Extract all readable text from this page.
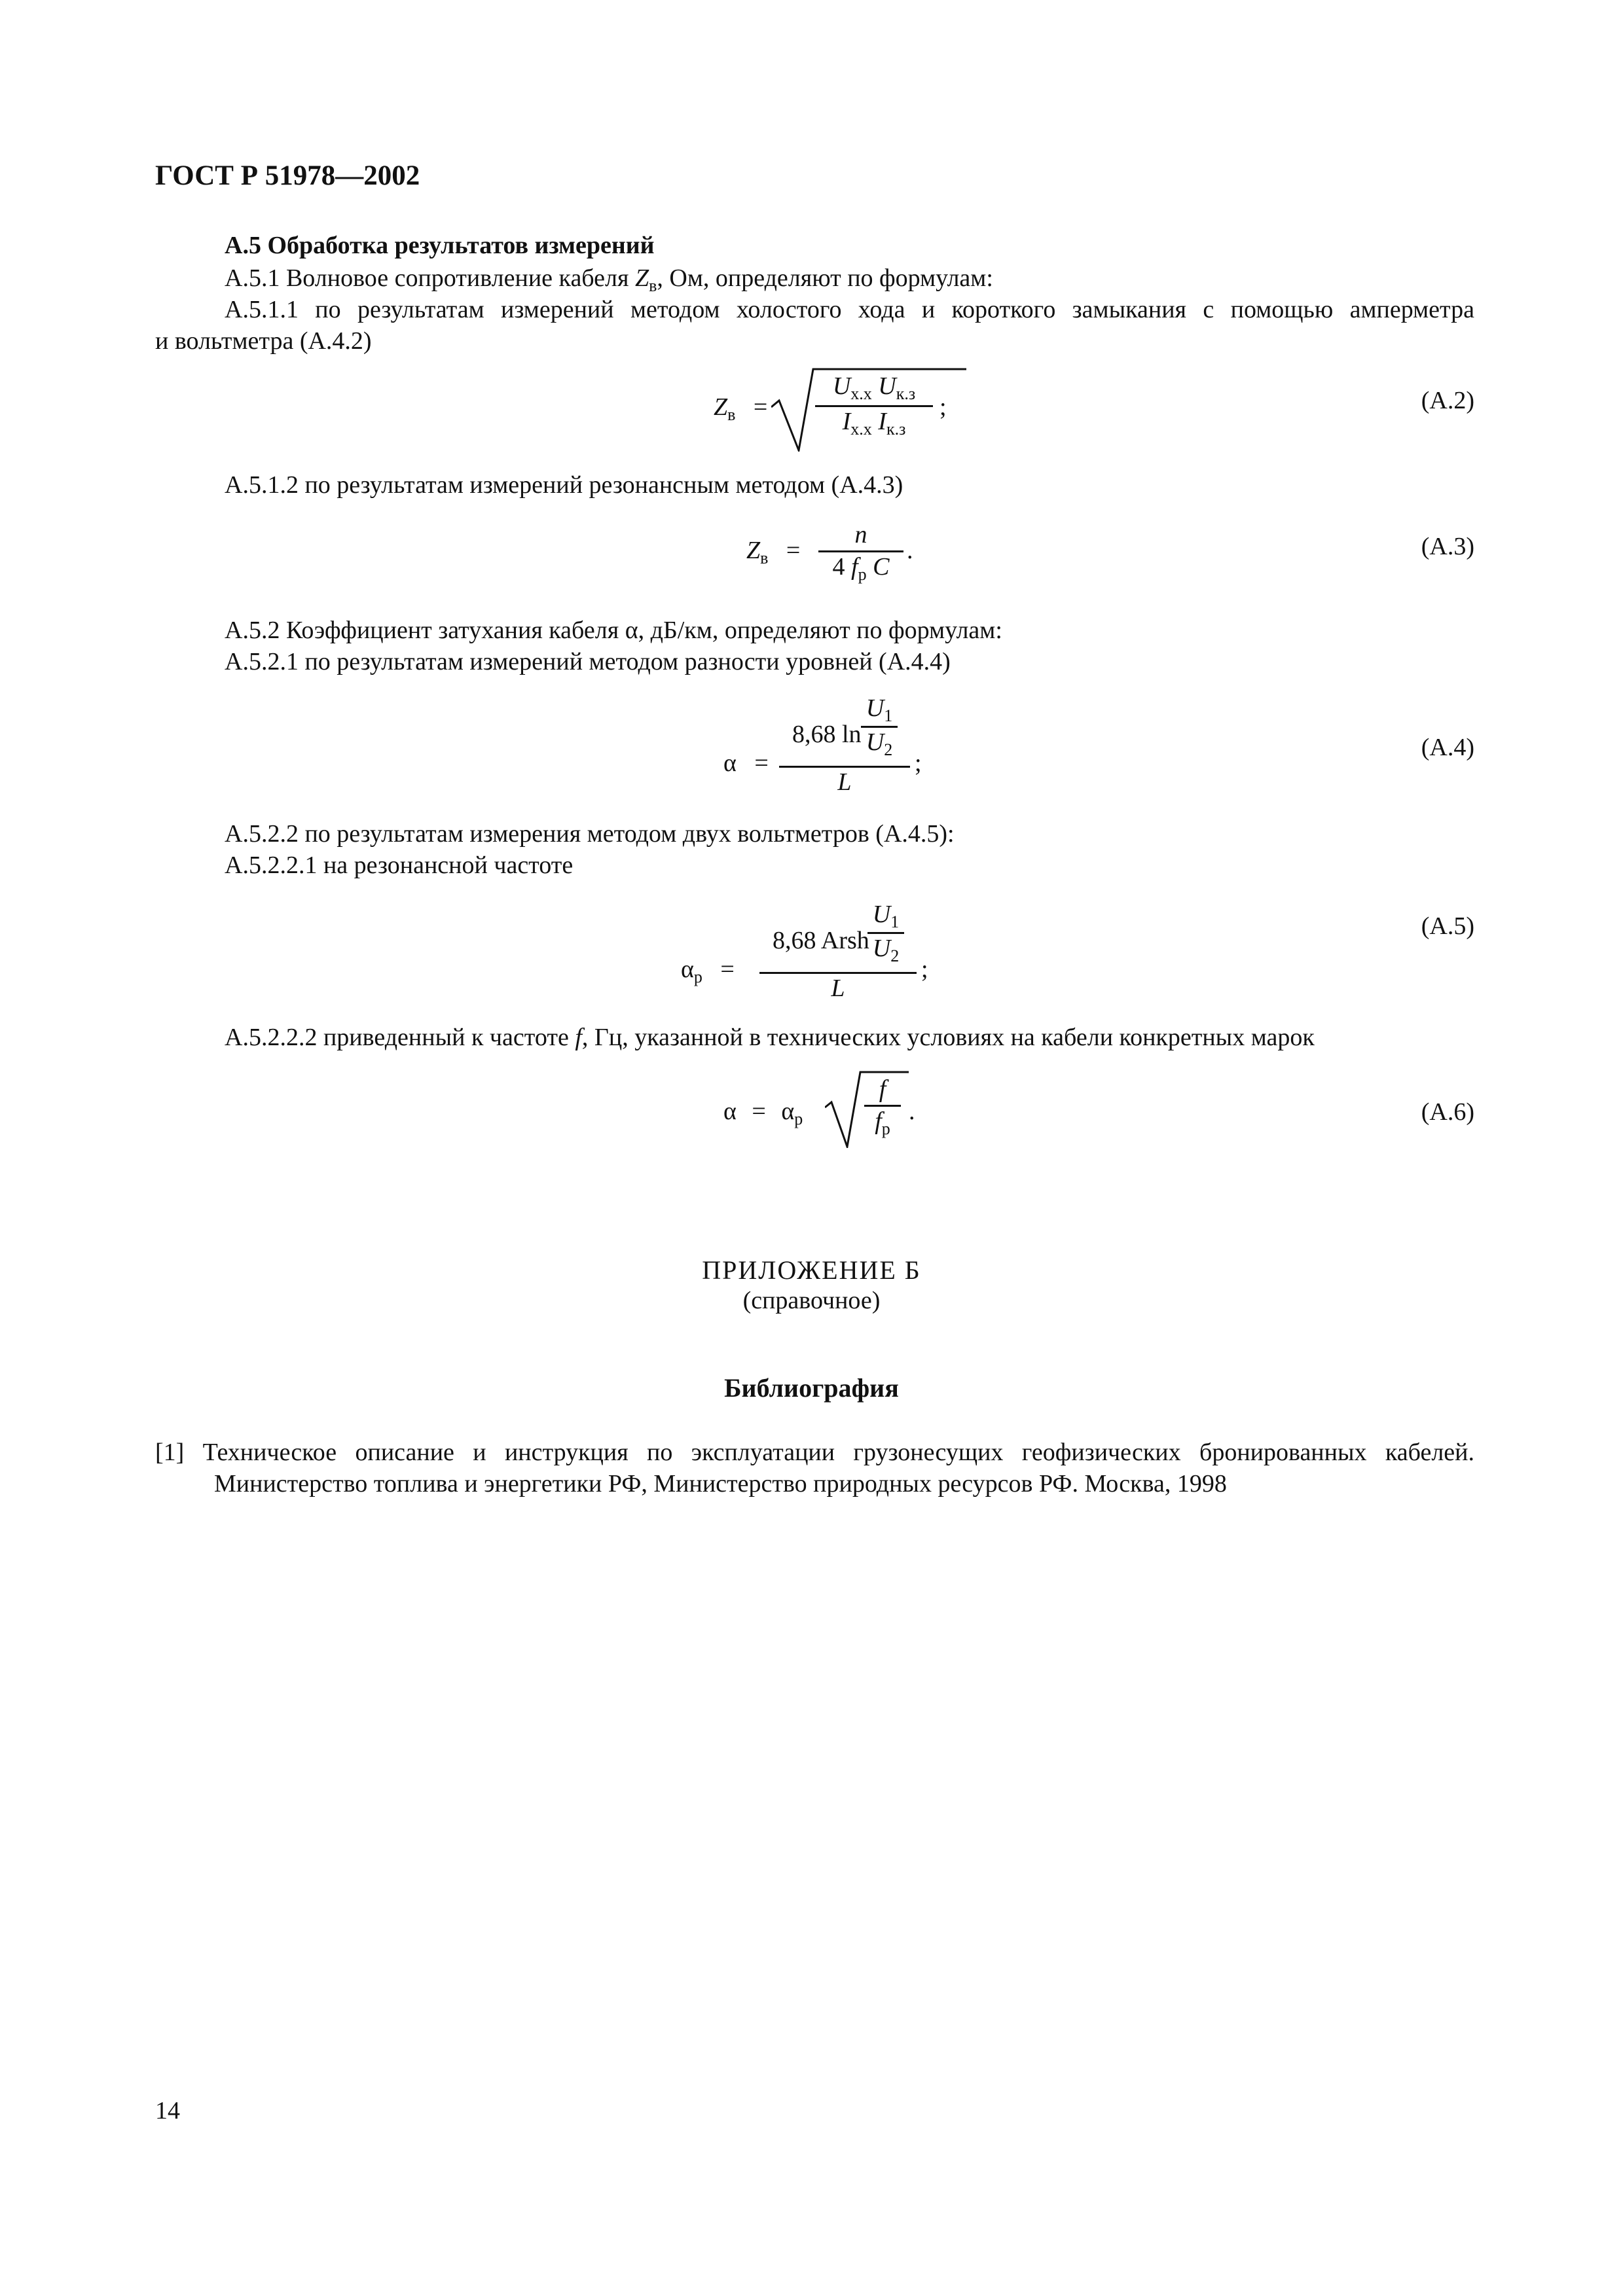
ГОСТ Р 51978—2002
А.5 Обработка результатов измерений
А.5.1 Волновое сопротивление кабеля $Z_в$, Ом, определяют по формулам:
А.5.1.1 по результатам измерений методом холостого хода и короткого замыкания с помощью амперметра
и вольтметра (А.4.2)
$Z_в$ =
$U_{х.х}$ $U_{к.з}$
$I_{х.х}$ $I_{к.з}$
;	(А.2)
А.5.1.2 по результатам измерений резонансным методом (А.4.3)
$Z_в$ =
n
4 $f_р$ C
.	(А.3)
А.5.2 Коэффициент затухания кабеля α, дБ/км, определяют по формулам:
А.5.2.1 по результатам измерений методом разности уровней (А.4.4)
α =
8,68 ln
$U_1$
$U_2$
L
;
(А.4)
А.5.2.2 по результатам измерения методом двух вольтметров (А.4.5):
А.5.2.2.1 на резонансной частоте
$\alpha_р$ =
8,68 Arsh
$U_1$
$U_2$
L
;
(А.5)
А.5.2.2.2 приведенный к частоте f, Гц, указанной в технических условиях на кабели конкретных марок
$\alpha = \alpha_р$
f
$f_р$
.	(А.6)
ПРИЛОЖЕНИЕ Б
(справочное)
Библиография
[1] Техническое описание и инструкция по эксплуатации грузонесущих геофизических бронированных кабелей. Министерство топлива и энергетики РФ, Министерство природных ресурсов РФ. Москва, 1998
14
